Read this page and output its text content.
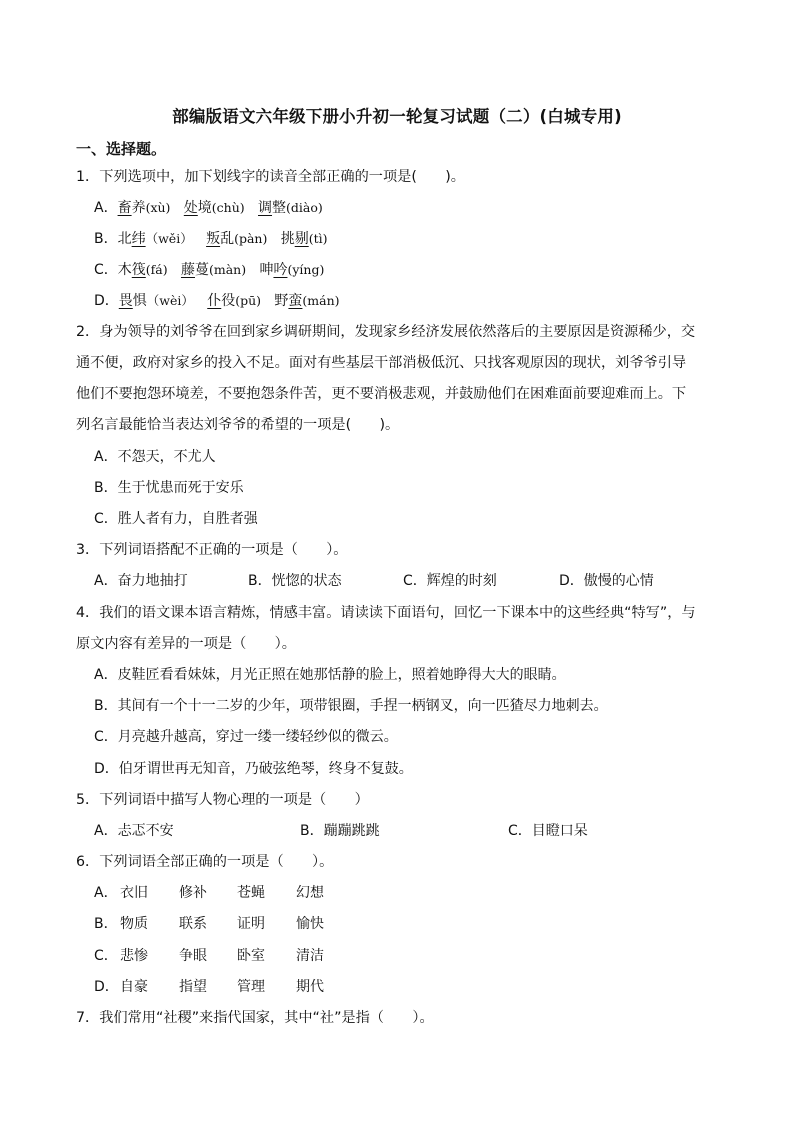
部编版语文六年级下册小升初一轮复习试题（二）(白城专用)
一、选择题。
1．下列选项中，加下划线字的读音全部正确的一项是(　　)。
A．畜养(xù) 处境(chù) 调整(diào)
B．北纬（wěi） 叛乱(pàn) 挑剔(tì)
C．木筏(fá) 藤蔓(màn) 呻吟(yíng)
D．畏惧（wèi） 仆役(pū) 野蛮(mán)
2．身为领导的刘爷爷在回到家乡调研期间，发现家乡经济发展依然落后的主要原因是资源稀少，交
通不便，政府对家乡的投入不足。面对有些基层干部消极低沉、只找客观原因的现状，刘爷爷引导
他们不要抱怨环境差，不要抱怨条件苦，更不要消极悲观，并鼓励他们在困难面前要迎难而上。下
列名言最能恰当表达刘爷爷的希望的一项是(　　)。
A．不怨天，不尤人
B．生于忧患而死于安乐
C．胜人者有力，自胜者强
3．下列词语搭配不正确的一项是（　　）。
A．奋力地抽打	B．恍惚的状态	C．辉煌的时刻	D．傲慢的心情
4．我们的语文课本语言精炼，情感丰富。请读读下面语句，回忆一下课本中的这些经典“特写”，与
原文内容有差异的一项是（　　）。
A．皮鞋匠看看妹妹，月光正照在她那恬静的脸上，照着她睁得大大的眼睛。
B．其间有一个十一二岁的少年，项带银圈，手捏一柄钢叉，向一匹猹尽力地刺去。
C．月亮越升越高，穿过一缕一缕轻纱似的微云。
D．伯牙谓世再无知音，乃破弦绝琴，终身不复鼓。
5．下列词语中描写人物心理的一项是（　　）
A．忐忑不安	B．蹦蹦跳跳	C．目瞪口呆
6．下列词语全部正确的一项是（　　）。
A． 衣旧 修补 苍蝇 幻想
B． 物质 联系 证明 愉快
C． 悲惨 争眼 卧室 清洁
D． 自豪 指望 管理 期代
7．我们常用“社稷”来指代国家，其中“社”是指（　　）。
